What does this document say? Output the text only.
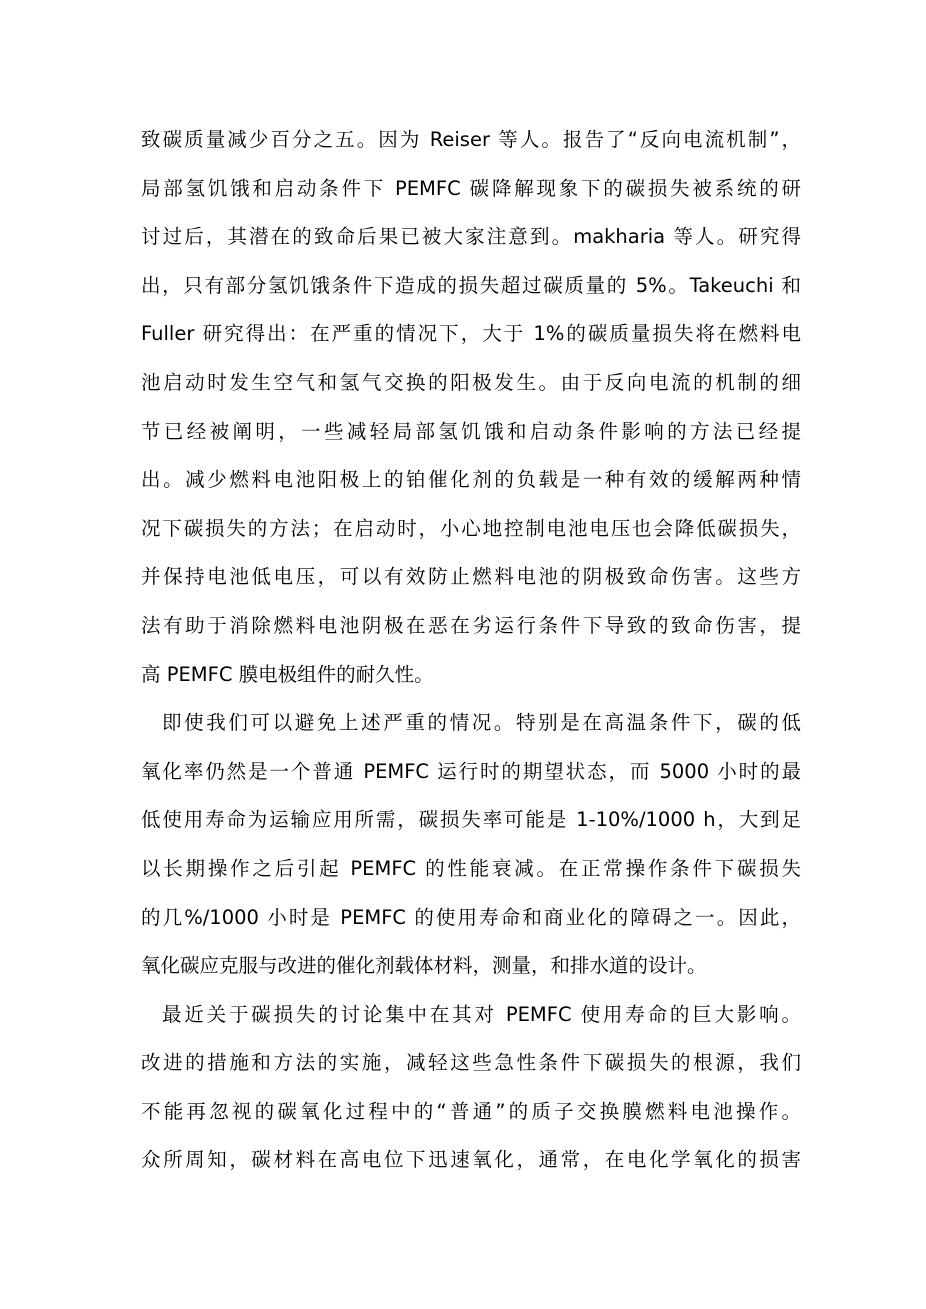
致碳质量减少百分之五。因为 Reiser 等人。报告了“反向电流机制”，
局部氢饥饿和启动条件下 PEMFC 碳降解现象下的碳损失被系统的研
讨过后，其潜在的致命后果已被大家注意到。makharia 等人。研究得
出，只有部分氢饥饿条件下造成的损失超过碳质量的 5%。Takeuchi 和
Fuller 研究得出：在严重的情况下，大于 1%的碳质量损失将在燃料电
池启动时发生空气和氢气交换的阳极发生。由于反向电流的机制的细
节已经被阐明，一些减轻局部氢饥饿和启动条件影响的方法已经提
出。减少燃料电池阳极上的铂催化剂的负载是一种有效的缓解两种情
况下碳损失的方法；在启动时，小心地控制电池电压也会降低碳损失，
并保持电池低电压，可以有效防止燃料电池的阴极致命伤害。这些方
法有助于消除燃料电池阴极在恶在劣运行条件下导致的致命伤害，提
高 PEMFC 膜电极组件的耐久性。
即使我们可以避免上述严重的情况。特别是在高温条件下，碳的低
氧化率仍然是一个普通 PEMFC 运行时的期望状态，而 5000 小时的最
低使用寿命为运输应用所需，碳损失率可能是 1-10%/1000 h，大到足
以长期操作之后引起 PEMFC 的性能衰减。在正常操作条件下碳损失
的几%/1000 小时是 PEMFC 的使用寿命和商业化的障碍之一。因此，
氧化碳应克服与改进的催化剂载体材料，测量，和排水道的设计。
最近关于碳损失的讨论集中在其对 PEMFC 使用寿命的巨大影响。
改进的措施和方法的实施，减轻这些急性条件下碳损失的根源，我们
不能再忽视的碳氧化过程中的“普通”的质子交换膜燃料电池操作。
众所周知，碳材料在高电位下迅速氧化，通常，在电化学氧化的损害
